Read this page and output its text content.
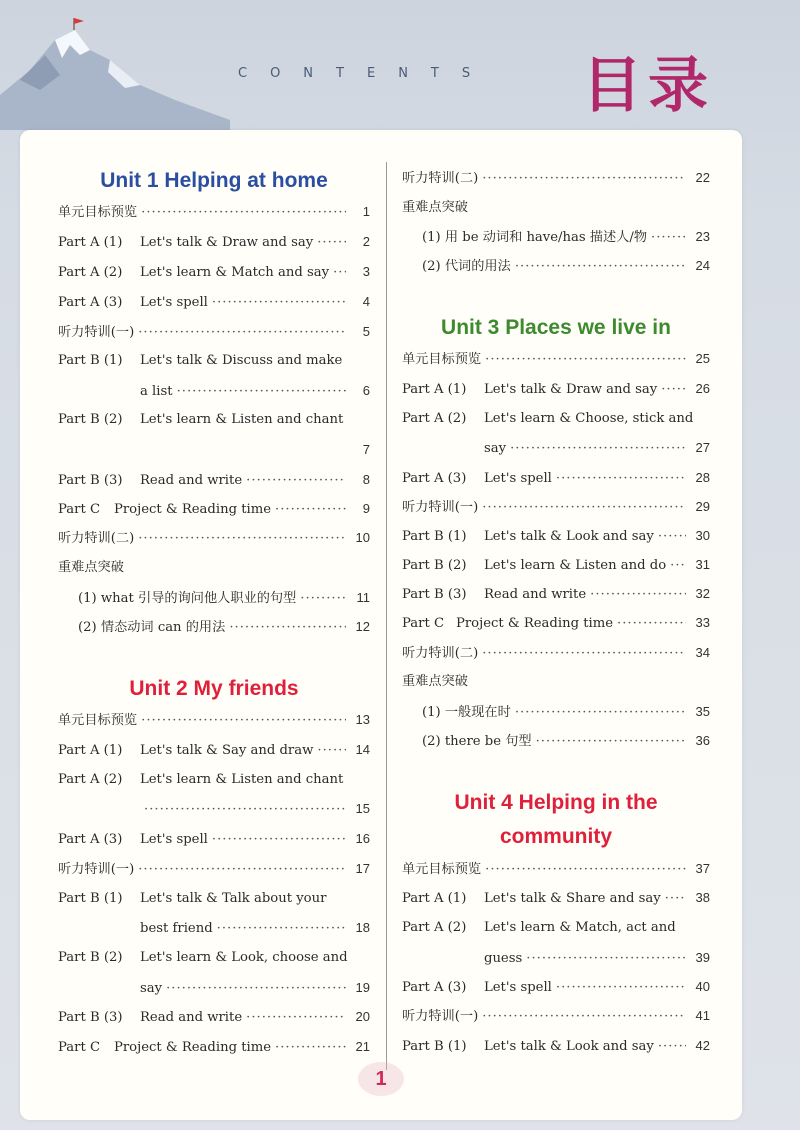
CONTENTS 目录
Unit 1 Helping at home
单元目标预览 ·····	1
Part A (1)	Let's talk & Draw and say ·····	2
Part A (2)	Let's learn & Match and say ·····	3
Part A (3)	Let's spell ·····	4
听力特训(一) ·····	5
Part B (1) Let's talk & Discuss and make
a list ·····	6
Part B (2) Let's learn & Listen and chant
7
Part B (3)	Read and write ·····	8
Part C	Project & Reading time ·····	9
听力特训(二) ·····	10
重难点突破
(1) what 引导的询问他人职业的句型 ·····	11
(2) 情态动词 can 的用法 ·····	12
Unit 2 My friends
单元目标预览 ·····	13
Part A (1)	Let's talk & Say and draw ·····	14
Part A (2) Let's learn & Listen and chant
·····
15
Part A (3)	Let's spell ·····	16
听力特训(一) ·····	17
Part B (1) Let's talk & Talk about your
best friend ·····	18
Part B (2) Let's learn & Look, choose and
say ·····	19
Part B (3)	Read and write ·····	20
Part C	Project & Reading time ·····	21
听力特训(二) ·····	22
重难点突破
(1) 用 be 动词和 have/has 描述人/物 ·····	23
(2) 代词的用法 ·····	24
Unit 3 Places we live in
单元目标预览 ·····	25
Part A (1)	Let's talk & Draw and say ·····	26
Part A (2) Let's learn & Choose, stick and
say ·····	27
Part A (3)	Let's spell ·····	28
听力特训(一) ·····	29
Part B (1)	Let's talk & Look and say ·····	30
Part B (2)	Let's learn & Listen and do ·····	31
Part B (3)	Read and write ·····	32
Part C Project & Reading time ·····	33
听力特训(二) ·····	34
重难点突破
(1) 一般现在时 ·····	35
(2) there be 句型 ·····	36
Unit 4 Helping in the
community
单元目标预览 ·····	37
Part A (1)	Let's talk & Share and say ·····	38
Part A (2) Let's learn & Match, act and
guess ·····	39
Part A (3)	Let's spell ·····	40
听力特训(一) ·····	41
Part B (1)	Let's talk & Look and say ·····	42
1
